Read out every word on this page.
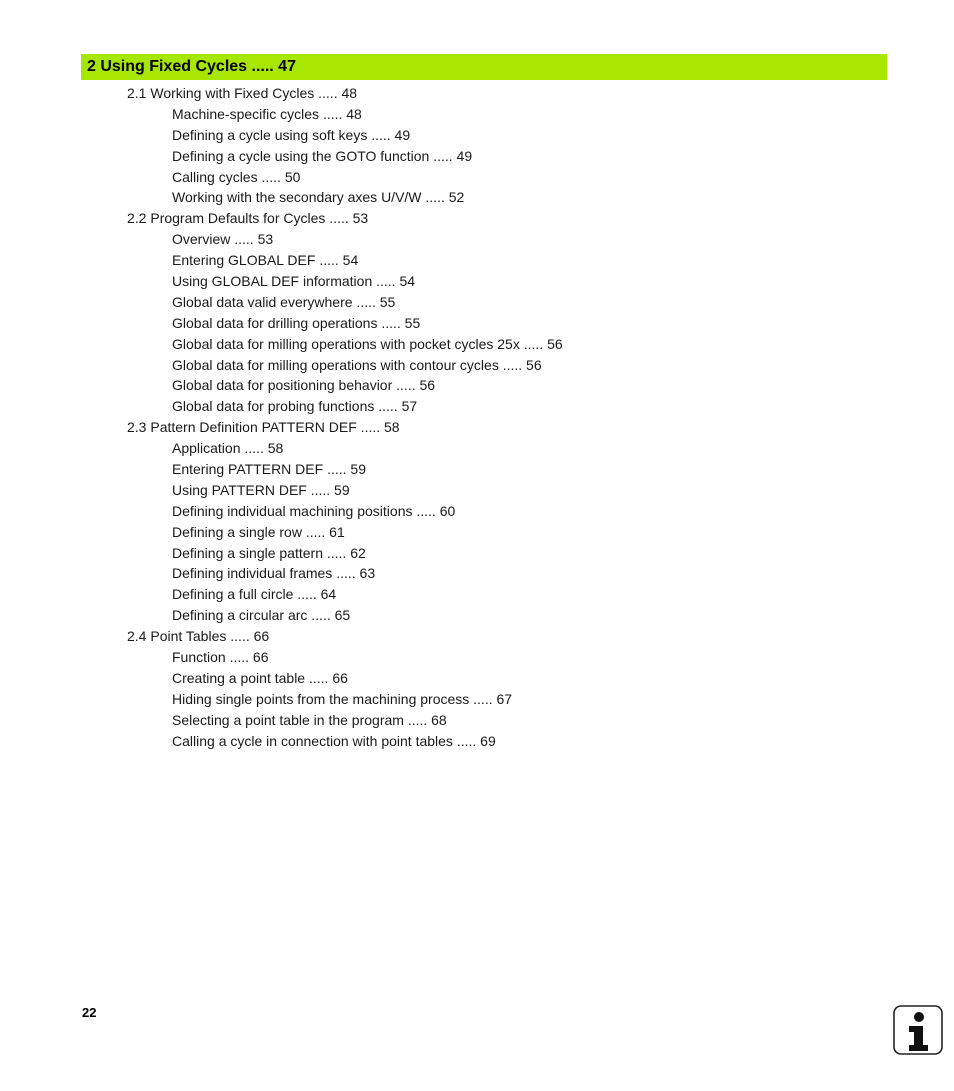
2 Using Fixed Cycles ..... 47
2.1 Working with Fixed Cycles ..... 48
Machine-specific cycles ..... 48
Defining a cycle using soft keys ..... 49
Defining a cycle using the GOTO function ..... 49
Calling cycles ..... 50
Working with the secondary axes U/V/W ..... 52
2.2 Program Defaults for Cycles ..... 53
Overview ..... 53
Entering GLOBAL DEF ..... 54
Using GLOBAL DEF information ..... 54
Global data valid everywhere ..... 55
Global data for drilling operations ..... 55
Global data for milling operations with pocket cycles 25x ..... 56
Global data for milling operations with contour cycles ..... 56
Global data for positioning behavior ..... 56
Global data for probing functions ..... 57
2.3 Pattern Definition PATTERN DEF ..... 58
Application ..... 58
Entering PATTERN DEF ..... 59
Using PATTERN DEF ..... 59
Defining individual machining positions ..... 60
Defining a single row ..... 61
Defining a single pattern ..... 62
Defining individual frames ..... 63
Defining a full circle ..... 64
Defining a circular arc ..... 65
2.4 Point Tables ..... 66
Function ..... 66
Creating a point table ..... 66
Hiding single points from the machining process ..... 67
Selecting a point table in the program ..... 68
Calling a cycle in connection with point tables ..... 69
22
